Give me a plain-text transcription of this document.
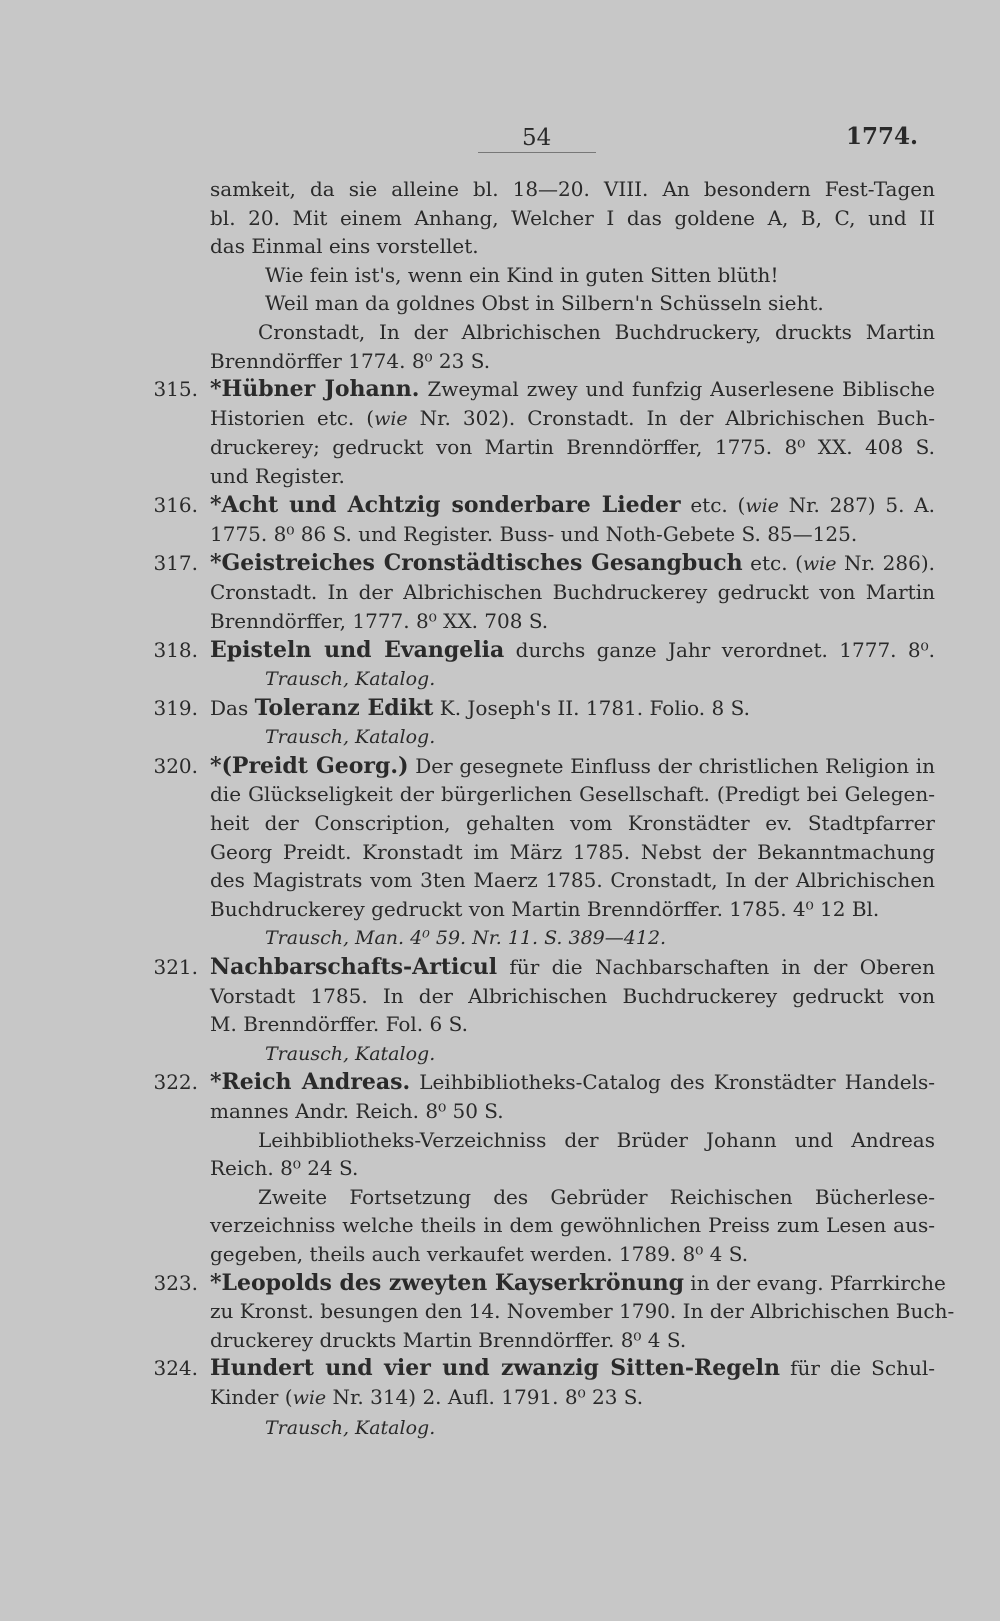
54	1774.
samkeit, da sie alleine bl. 18—20. VIII. An besondern Fest-Tagen
bl. 20. Mit einem Anhang, Welcher I das goldene A, B, C, und II
das Einmal eins vorstellet.
Wie fein ist's, wenn ein Kind in guten Sitten blüth!
Weil man da goldnes Obst in Silbern'n Schüsseln sieht.
Cronstadt, In der Albrichischen Buchdruckery, druckts Martin
Brenndörffer 1774. 8⁰ 23 S.
315. *Hübner Johann. Zweymal zwey und funfzig Auserlesene Biblische
Historien etc. (wie Nr. 302). Cronstadt. In der Albrichischen Buch-
druckerey; gedruckt von Martin Brenndörffer, 1775. 8⁰ XX. 408 S.
und Register.
316. *Acht und Achtzig sonderbare Lieder etc. (wie Nr. 287) 5. A.
1775. 8⁰ 86 S. und Register. Buss- und Noth-Gebete S. 85—125.
317. *Geistreiches Cronstädtisches Gesangbuch etc. (wie Nr. 286).
Cronstadt. In der Albrichischen Buchdruckerey gedruckt von Martin
Brenndörffer, 1777. 8⁰ XX. 708 S.
318. Episteln und Evangelia durchs ganze Jahr verordnet. 1777. 8⁰.
Trausch, Katalog.
319. Das Toleranz Edikt K. Joseph's II. 1781. Folio. 8 S.
Trausch, Katalog.
320. *(Preidt Georg.) Der gesegnete Einfluss der christlichen Religion in
die Glückseligkeit der bürgerlichen Gesellschaft. (Predigt bei Gelegen-
heit der Conscription, gehalten vom Kronstädter ev. Stadtpfarrer
Georg Preidt. Kronstadt im März 1785. Nebst der Bekanntmachung
des Magistrats vom 3ten Maerz 1785. Cronstadt, In der Albrichischen
Buchdruckerey gedruckt von Martin Brenndörffer. 1785. 4⁰ 12 Bl.
Trausch, Man. 4⁰ 59. Nr. 11. S. 389—412.
321. Nachbarschafts-Articul für die Nachbarschaften in der Oberen
Vorstadt 1785. In der Albrichischen Buchdruckerey gedruckt von
M. Brenndörffer. Fol. 6 S.
Trausch, Katalog.
322. *Reich Andreas. Leihbibliotheks-Catalog des Kronstädter Handels-
mannes Andr. Reich. 8⁰ 50 S.
Leihbibliotheks-Verzeichniss der Brüder Johann und Andreas
Reich. 8⁰ 24 S.
Zweite Fortsetzung des Gebrüder Reichischen Bücherlese-
verzeichniss welche theils in dem gewöhnlichen Preiss zum Lesen aus-
gegeben, theils auch verkaufet werden. 1789. 8⁰ 4 S.
323. *Leopolds des zweyten Kayserkrönung in der evang. Pfarrkirche
zu Kronst. besungen den 14. November 1790. In der Albrichischen Buch-
druckerey druckts Martin Brenndörffer. 8⁰ 4 S.
324. Hundert und vier und zwanzig Sitten-Regeln für die Schul-
Kinder (wie Nr. 314) 2. Aufl. 1791. 8⁰ 23 S.
Trausch, Katalog.
